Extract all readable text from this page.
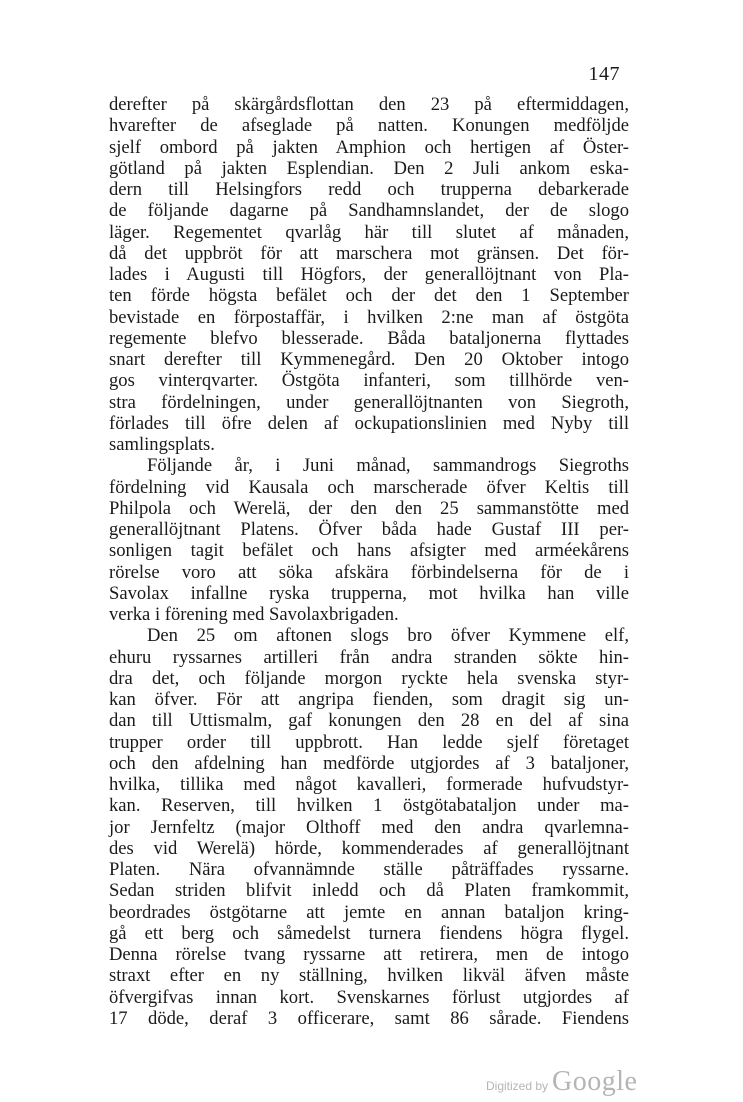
147
derefter på skärgårdsflottan den 23 på eftermiddagen,
hvarefter de afseglade på natten. Konungen medföljde
sjelf ombord på jakten Amphion och hertigen af Öster-
götland på jakten Esplendian. Den 2 Juli ankom eska-
dern till Helsingfors redd och trupperna debarkerade
de följande dagarne på Sandhamnslandet, der de slogo
läger. Regementet qvarlåg här till slutet af månaden,
då det uppbröt för att marschera mot gränsen. Det för-
lades i Augusti till Högfors, der generallöjtnant von Pla-
ten förde högsta befälet och der det den 1 September
bevistade en förpostaffär, i hvilken 2:ne man af östgöta
regemente blefvo blesserade. Båda bataljonerna flyttades
snart derefter till Kymmenegård. Den 20 Oktober intogo
gos vinterqvarter. Östgöta infanteri, som tillhörde ven-
stra fördelningen, under generallöjtnanten von Siegroth,
förlades till öfre delen af ockupationslinien med Nyby till
samlingsplats.
Följande år, i Juni månad, sammandrogs Siegroths
fördelning vid Kausala och marscherade öfver Keltis till
Philpola och Werelä, der den den 25 sammanstötte med
generallöjtnant Platens. Öfver båda hade Gustaf III per-
sonligen tagit befälet och hans afsigter med arméekårens
rörelse voro att söka afskära förbindelserna för de i
Savolax infallne ryska trupperna, mot hvilka han ville
verka i förening med Savolaxbrigaden.
Den 25 om aftonen slogs bro öfver Kymmene elf,
ehuru ryssarnes artilleri från andra stranden sökte hin-
dra det, och följande morgon ryckte hela svenska styr-
kan öfver. För att angripa fienden, som dragit sig un-
dan till Uttismalm, gaf konungen den 28 en del af sina
trupper order till uppbrott. Han ledde sjelf företaget
och den afdelning han medförde utgjordes af 3 bataljoner,
hvilka, tillika med något kavalleri, formerade hufvudstyr-
kan. Reserven, till hvilken 1 östgötabataljon under ma-
jor Jernfeltz (major Olthoff med den andra qvarlemna-
des vid Werelä) hörde, kommenderades af generallöjtnant
Platen. Nära ofvannämnde ställe påträffades ryssarne.
Sedan striden blifvit inledd och då Platen framkommit,
beordrades östgötarne att jemte en annan bataljon kring-
gå ett berg och såmedelst turnera fiendens högra flygel.
Denna rörelse tvang ryssarne att retirera, men de intogo
straxt efter en ny ställning, hvilken likväl äfven måste
öfvergifvas innan kort. Svenskarnes förlust utgjordes af
17 döde, deraf 3 officerare, samt 86 sårade. Fiendens
Digitized by Google
